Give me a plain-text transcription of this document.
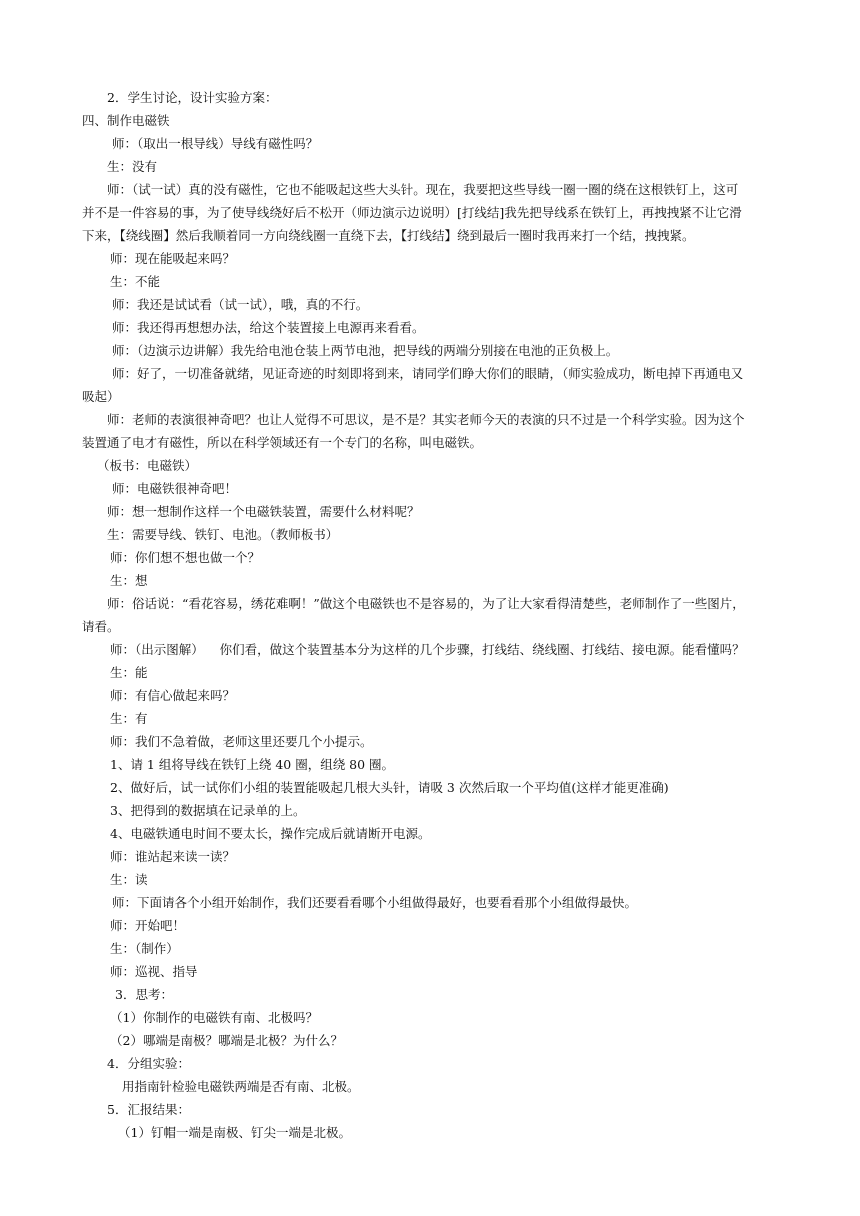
2．学生讨论，设计实验方案：
四、制作电磁铁
师：（取出一根导线）导线有磁性吗？
生：没有
师：（试一试）真的没有磁性，它也不能吸起这些大头针。现在，我要把这些导线一圈一圈的绕在这根铁钉上，这可
并不是一件容易的事，为了使导线绕好后不松开（师边演示边说明）[打线结]我先把导线系在铁钉上，再拽拽紧不让它滑
下来，【绕线圈】然后我顺着同一方向绕线圈一直绕下去，【打线结】绕到最后一圈时我再来打一个结，拽拽紧。
师：现在能吸起来吗？
生：不能
师：我还是试试看（试一试），哦，真的不行。
师：我还得再想想办法，给这个装置接上电源再来看看。
师：（边演示边讲解）我先给电池仓装上两节电池，把导线的两端分别接在电池的正负极上。
师：好了，一切准备就绪，见证奇迹的时刻即将到来，请同学们睁大你们的眼睛，（师实验成功，断电掉下再通电又
吸起）
师：老师的表演很神奇吧？也让人觉得不可思议，是不是？其实老师今天的表演的只不过是一个科学实验。因为这个
装置通了电才有磁性，所以在科学领域还有一个专门的名称，叫电磁铁。
（板书：电磁铁）
师：电磁铁很神奇吧！
师：想一想制作这样一个电磁铁装置，需要什么材料呢？
生：需要导线、铁钉、电池。（教师板书）
师：你们想不想也做一个？
生：想
师：俗话说：“看花容易，绣花难啊！”做这个电磁铁也不是容易的，为了让大家看得清楚些，老师制作了一些图片，
请看。
师：（出示图解）    你们看，做这个装置基本分为这样的几个步骤，打线结、绕线圈、打线结、接电源。能看懂吗？
生：能
师：有信心做起来吗？
生：有
师：我们不急着做，老师这里还要几个小提示。
1、请 1 组将导线在铁钉上绕 40 圈，组绕 80 圈。
2、做好后，试一试你们小组的装置能吸起几根大头针，请吸 3 次然后取一个平均值(这样才能更准确)
3、把得到的数据填在记录单的上。
4、电磁铁通电时间不要太长，操作完成后就请断开电源。
师：谁站起来读一读？
生：读
师：下面请各个小组开始制作，我们还要看看哪个小组做得最好，也要看看那个小组做得最快。
师：开始吧！
生：（制作）
师：巡视、指导
3．思考：
（1）你制作的电磁铁有南、北极吗？
（2）哪端是南极？哪端是北极？为什么？
4．分组实验：
用指南针检验电磁铁两端是否有南、北极。
5．汇报结果：
（1）钉帽一端是南极、钉尖一端是北极。
